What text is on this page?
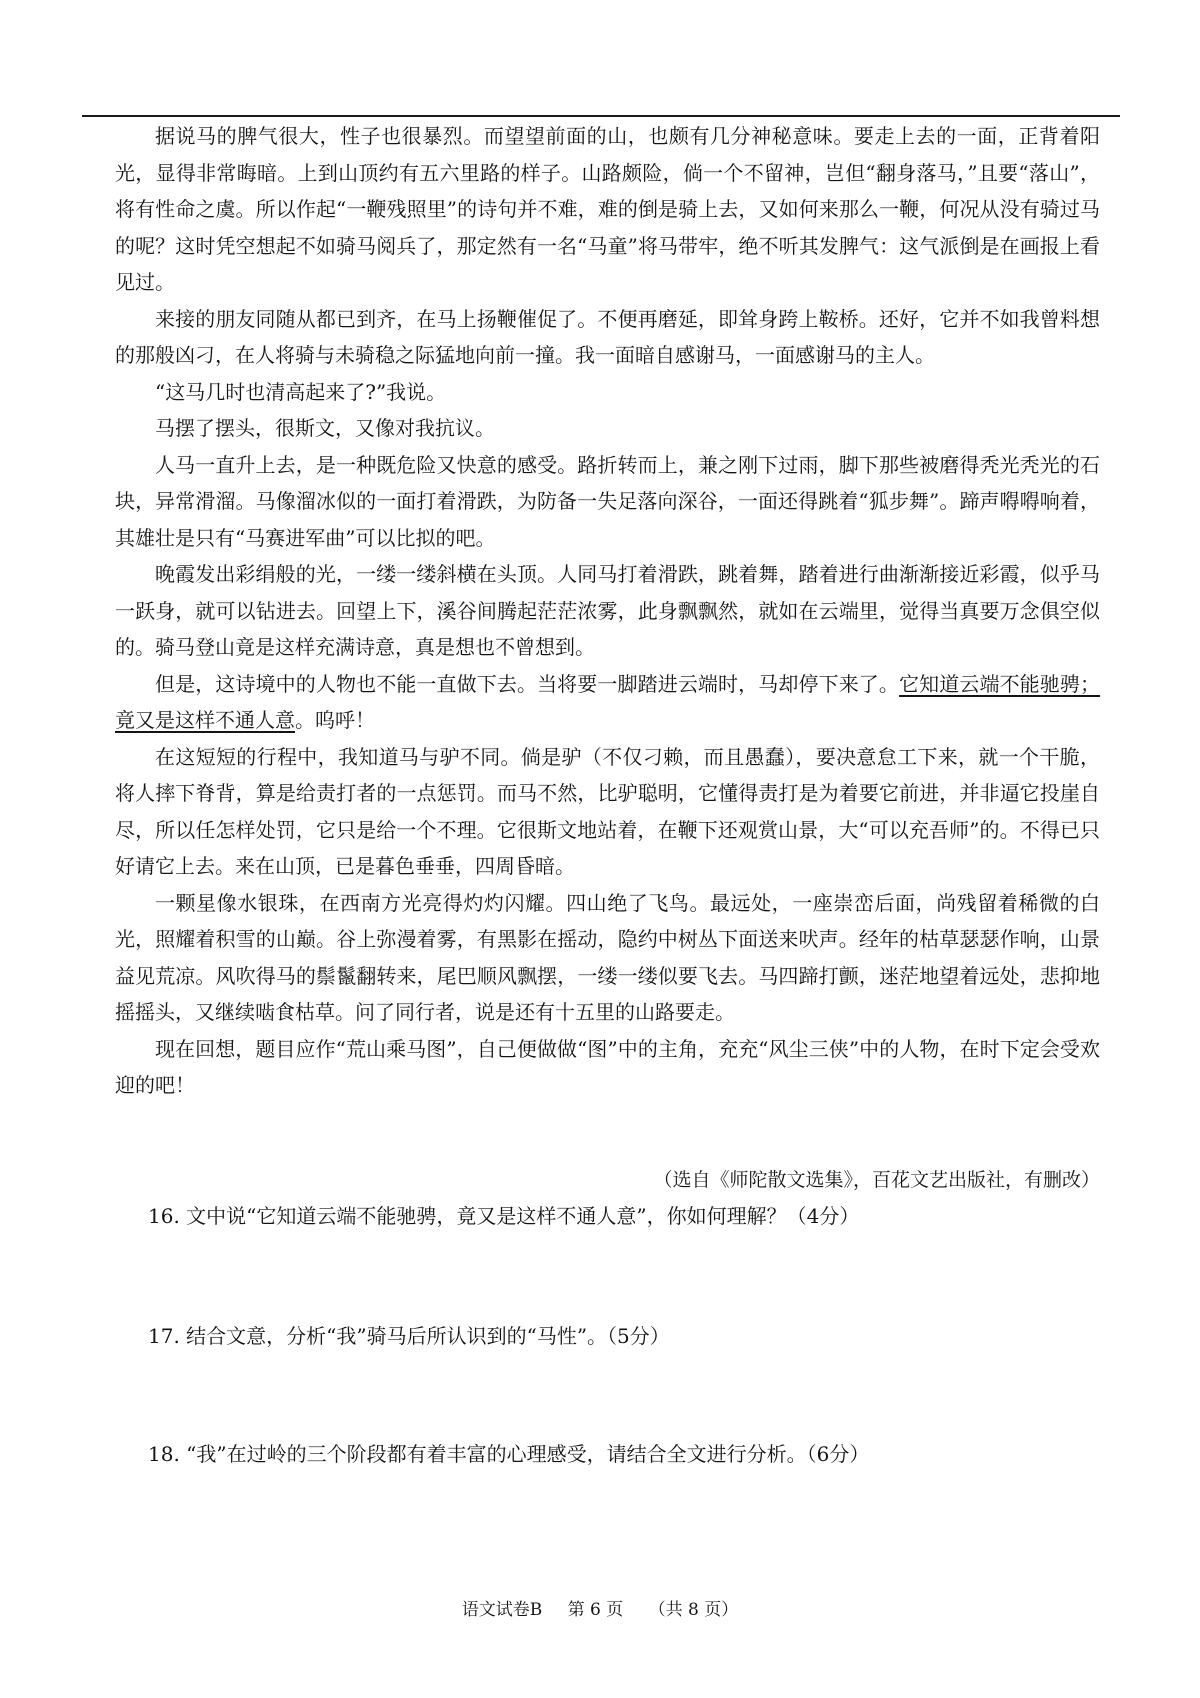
据说马的脾气很大，性子也很暴烈。而望望前面的山，也颇有几分神秘意味。要走上去的一面，正背着阳光，显得非常晦暗。上到山顶约有五六里路的样子。山路颇险，倘一个不留神，岂但“翻身落马，”且要“落山”，将有性命之虞。所以作起“一鞭残照里”的诗句并不难，难的倒是骑上去，又如何来那么一鞭，何况从没有骑过马的呢？这时凭空想起不如骑马阅兵了，那定然有一名“马童”将马带牢，绝不听其发脾气：这气派倒是在画报上看见过。

来接的朋友同随从都已到齐，在马上扬鞭催促了。不便再磨延，即耸身跨上鞍桥。还好，它并不如我曾料想的那般凶刁，在人将骑与未骑稳之际猛地向前一撞。我一面暗自感谢马，一面感谢马的主人。

“这马几时也清高起来了?”我说。

马摆了摆头，很斯文，又像对我抗议。

人马一直升上去，是一种既危险又快意的感受。路折转而上，兼之刚下过雨，脚下那些被磨得秃光秃光的石块，异常滑溜。马像溜冰似的一面打着滑跌，为防备一失足落向深谷，一面还得跳着“狐步舞”。蹄声嘚嘚响着，其雄壮是只有“马赛进军曲”可以比拟的吧。

晚霞发出彩绢般的光，一缕一缕斜横在头顶。人同马打着滑跌，跳着舞，踏着进行曲渐渐接近彩霞，似乎马一跃身，就可以钻进去。回望上下，溪谷间腾起茫茫浓雾，此身飘飘然，就如在云端里，觉得当真要万念俱空似的。骑马登山竟是这样充满诗意，真是想也不曾想到。

但是，这诗境中的人物也不能一直做下去。当将要一脚踏进云端时，马却停下来了。它知道云端不能驰骋；竟又是这样不通人意。呜呼！

在这短短的行程中，我知道马与驴不同。倘是驴（不仅刁赖，而且愚蠢），要决意怠工下来，就一个干脆，将人摔下脊背，算是给责打者的一点惩罚。而马不然，比驴聪明，它懂得责打是为着要它前进，并非逼它投崖自尽，所以任怎样处罚，它只是给一个不理。它很斯文地站着，在鞭下还观赏山景，大“可以充吾师”的。不得已只好请它上去。来在山顶，已是暮色垂垂，四周昏暗。

一颗星像水银珠，在西南方光亮得灼灼闪耀。四山绝了飞鸟。最远处，一座崇峦后面，尚残留着稀微的白光，照耀着积雪的山巅。谷上弥漫着雾，有黑影在摇动，隐约中树丛下面送来吠声。经年的枯草瑟瑟作响，山景益见荒凉。风吹得马的鬃鬣翻转来，尾巴顺风飘摆，一缕一缕似要飞去。马四蹄打颤，迷茫地望着远处，悲抑地摇摇头，又继续啮食枯草。问了同行者，说是还有十五里的山路要走。

现在回想，题目应作“荒山乘马图”，自己便做做“图”中的主角，充充“风尘三侠”中的人物，在时下定会受欢迎的吧！

（选自《师陀散文选集》，百花文艺出版社，有删改）
16. 文中说“它知道云端不能驰骋，竟又是这样不通人意”，你如何理解？（4分）
17. 结合文意，分析“我”骑马后所认识到的“马性”。（5分）
18. “我”在过岭的三个阶段都有着丰富的心理感受，请结合全文进行分析。（6分）
语文试卷B 第 6 页 （共 8 页）
